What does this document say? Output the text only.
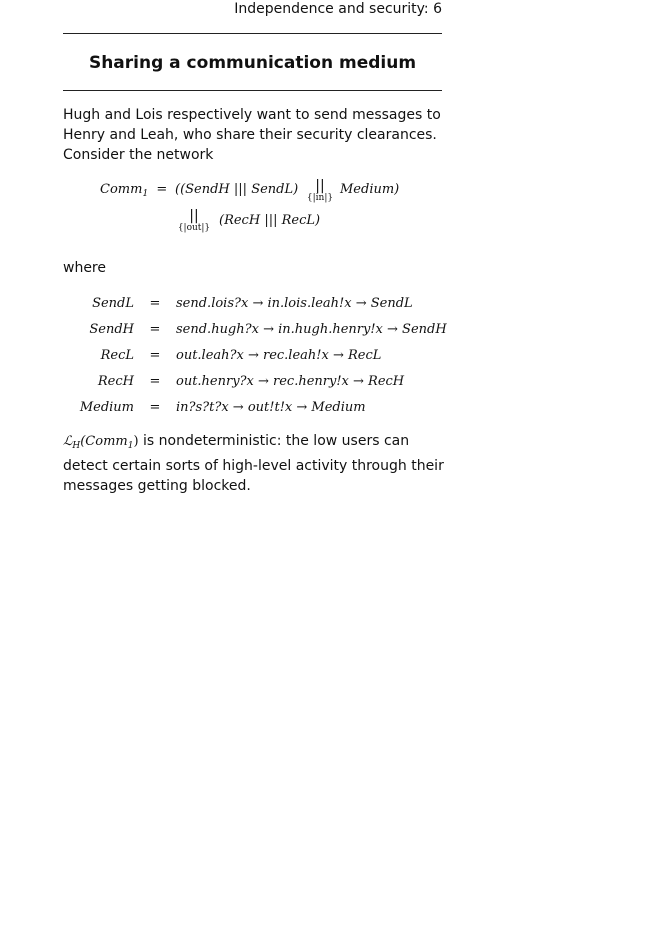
Independence and security: 6
Sharing a communication medium
Hugh and Lois respectively want to send messages to Henry and Leah, who share their security clearances. Consider the network
Comm$_1$ = ((SendH ||| SendL)	||
{|in|}
Medium)
||
{|out|} (RecH ||| RecL)
where
SendL	=	send.lois?x → in.lois.leah!x → SendL
SendH	=	send.hugh?x → in.hugh.henry!x → SendH
RecL	=	out.leah?x → rec.leah!x → RecL
RecH	=	out.henry?x → rec.henry!x → RecH
Medium	=	in?s?t?x → out!t!x → Medium
ℒ$_H$(Comm$_1$) is nondeterministic: the low users can detect certain sorts of high-level activity through their messages getting blocked.
